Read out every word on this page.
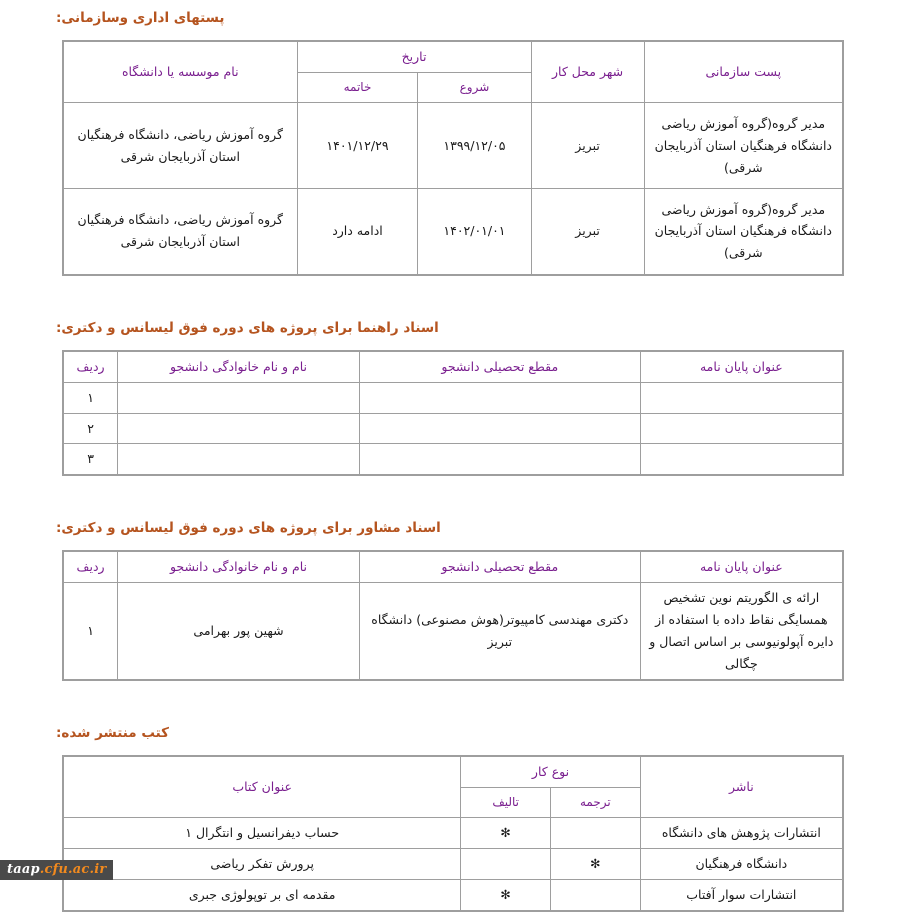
پستهای اداری وسازمانی:
پست سازمانی	شهر محل کار	تاریخ		نام موسسه یا دانشگاه
		شروع	خاتمه	
مدیر گروه(گروه آموزش ریاضی دانشگاه فرهنگیان استان آذربایجان شرقی)	تبریز	۱۳۹۹/۱۲/۰۵	۱۴۰۱/۱۲/۲۹	گروه آموزش ریاضی، دانشگاه فرهنگیان استان آذربایجان شرقی
مدیر گروه(گروه آموزش ریاضی دانشگاه فرهنگیان استان آذربایجان شرقی)	تبریز	۱۴۰۲/۰۱/۰۱	ادامه دارد	گروه آموزش ریاضی، دانشگاه فرهنگیان استان آذربایجان شرقی
اسناد راهنما برای پروژه های دوره فوق لیسانس و دکتری:
عنوان پایان نامه	مقطع تحصیلی دانشجو	نام و نام خانوادگی دانشجو	ردیف
			۱
			۲
			۳
اسناد مشاور برای پروژه های دوره فوق لیسانس و دکتری:
عنوان پایان نامه	مقطع تحصیلی دانشجو	نام و نام خانوادگی دانشجو	ردیف
ارائه ی الگوریتم نوین تشخیص همسایگی نقاط داده با استفاده از دایره آپولونیوسی بر اساس اتصال و چگالی	دکتری مهندسی کامپیوتر(هوش مصنوعی) دانشگاه تبریز	شهین پور بهرامی	۱
کتب منتشر شده:
ناشر	نوع کار		عنوان کتاب
	ترجمه	تالیف	
انتشارات پژوهش های دانشگاه		✻	حساب دیفرانسیل و انتگرال ۱
دانشگاه فرهنگیان	✻		پرورش تفکر ریاضی
انتشارات سوار آفتاب		✻	مقدمه ای بر توپولوژی جبری
taap.cfu.ac.ir
